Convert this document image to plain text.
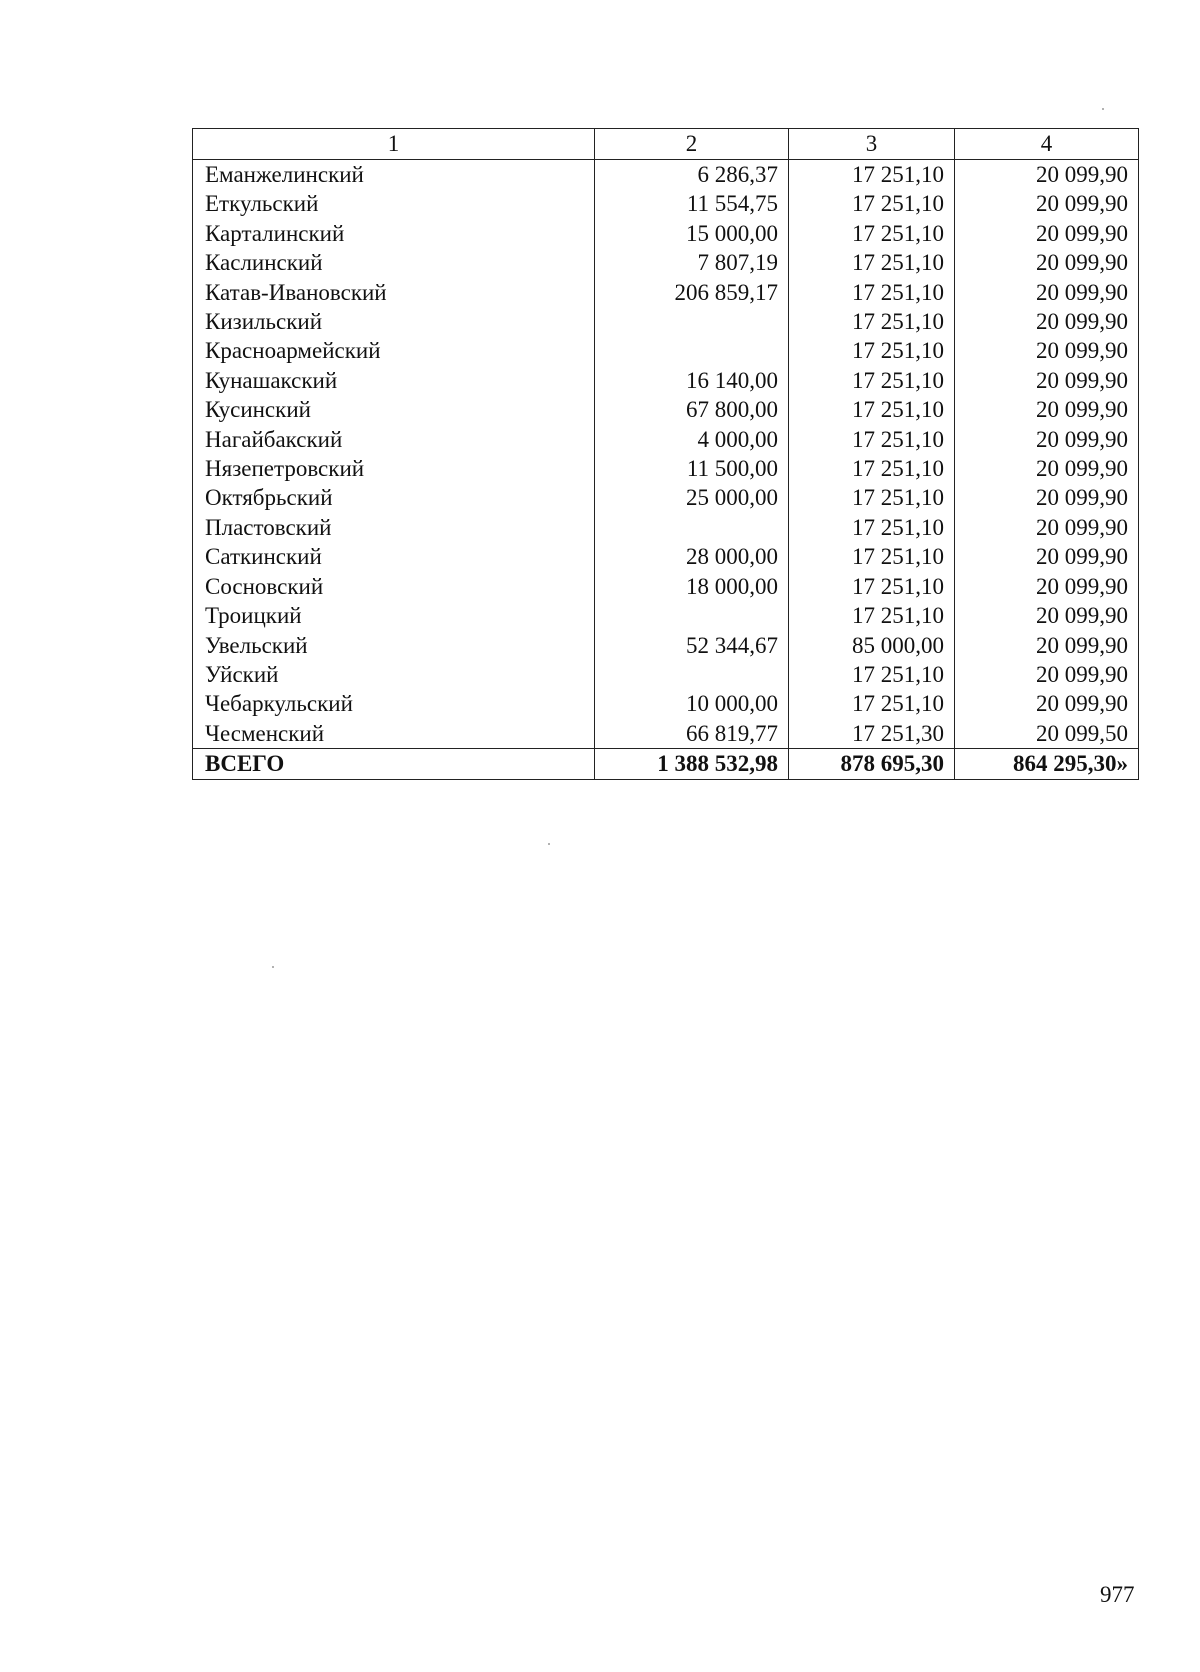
1	2	3	4
Еманжелинский	6 286,37	17 251,10	20 099,90
Еткульский	11 554,75	17 251,10	20 099,90
Карталинский	15 000,00	17 251,10	20 099,90
Каслинский	7 807,19	17 251,10	20 099,90
Катав-Ивановский	206 859,17	17 251,10	20 099,90
Кизильский		17 251,10	20 099,90
Красноармейский		17 251,10	20 099,90
Кунашакский	16 140,00	17 251,10	20 099,90
Кусинский	67 800,00	17 251,10	20 099,90
Нагайбакский	4 000,00	17 251,10	20 099,90
Нязепетровский	11 500,00	17 251,10	20 099,90
Октябрьский	25 000,00	17 251,10	20 099,90
Пластовский		17 251,10	20 099,90
Саткинский	28 000,00	17 251,10	20 099,90
Сосновский	18 000,00	17 251,10	20 099,90
Троицкий		17 251,10	20 099,90
Увельский	52 344,67	85 000,00	20 099,90
Уйский		17 251,10	20 099,90
Чебаркульский	10 000,00	17 251,10	20 099,90
Чесменский	66 819,77	17 251,30	20 099,50
ВСЕГО	1 388 532,98	878 695,30	864 295,30»
977
